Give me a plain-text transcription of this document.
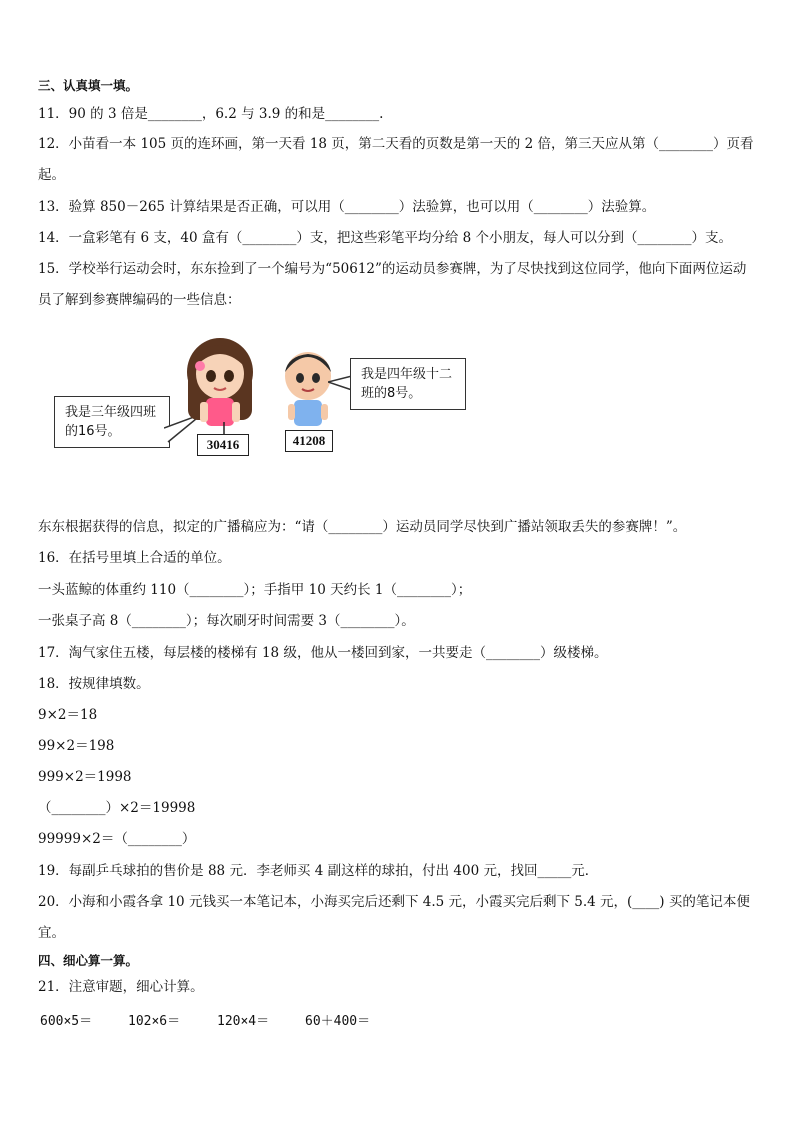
三、认真填一填。
11．90 的 3 倍是________，6.2 与 3.9 的和是________.
12．小苗看一本 105 页的连环画，第一天看 18 页，第二天看的页数是第一天的 2 倍，第三天应从第（________）页看
起。
13．验算 850－265 计算结果是否正确，可以用（________）法验算，也可以用（________）法验算。
14．一盒彩笔有 6 支，40 盒有（________）支，把这些彩笔平均分给 8 个小朋友，每人可以分到（________）支。
15．学校举行运动会时，东东捡到了一个编号为“50612”的运动员参赛牌，为了尽快找到这位同学，他向下面两位运动
员了解到参赛牌编码的一些信息：
我是三年级四班的16号。
30416	41208
我是四年级十二班的8号。
东东根据获得的信息，拟定的广播稿应为：“请（________）运动员同学尽快到广播站领取丢失的参赛牌！”。
16．在括号里填上合适的单位。
一头蓝鲸的体重约 110（________）；手指甲 10 天约长 1（________）；
一张桌子高 8（________）；每次刷牙时间需要 3（________）。
17．淘气家住五楼，每层楼的楼梯有 18 级，他从一楼回到家，一共要走（________）级楼梯。
18．按规律填数。
9×2＝18
99×2＝198
999×2＝1998
（________）×2＝19998
99999×2＝（________）
19．每副乒乓球拍的售价是 88 元．李老师买 4 副这样的球拍，付出 400 元，找回_____元．
20．小海和小霞各拿 10 元钱买一本笔记本，小海买完后还剩下 4.5 元，小霞买完后剩下 5.4 元，(____) 买的笔记本便
宜。
四、细心算一算。
21．注意审题，细心计算。
600×5＝	102×6＝	120×4＝	60＋400＝
